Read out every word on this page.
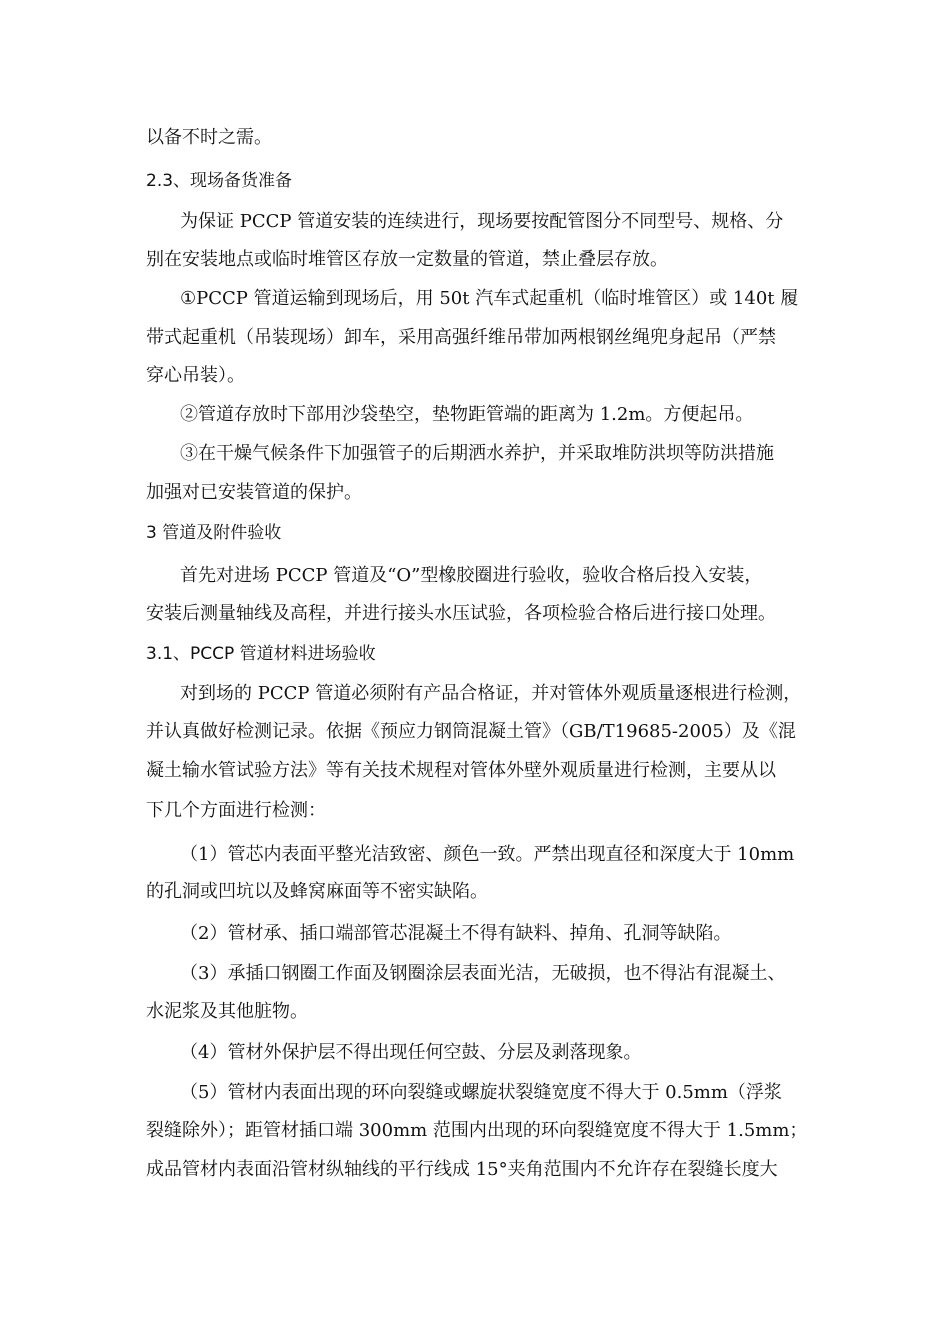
以备不时之需。
2.3、现场备货准备
为保证 PCCP 管道安装的连续进行，现场要按配管图分不同型号、规格、分
别在安装地点或临时堆管区存放一定数量的管道，禁止叠层存放。
①PCCP 管道运输到现场后，用 50t 汽车式起重机（临时堆管区）或 140t 履
带式起重机（吊装现场）卸车，采用高强纤维吊带加两根钢丝绳兜身起吊（严禁
穿心吊装）。
②管道存放时下部用沙袋垫空，垫物距管端的距离为 1.2m。方便起吊。
③在干燥气候条件下加强管子的后期洒水养护，并采取堆防洪坝等防洪措施
加强对已安装管道的保护。
3 管道及附件验收
首先对进场 PCCP 管道及“O”型橡胶圈进行验收，验收合格后投入安装，
安装后测量轴线及高程，并进行接头水压试验，各项检验合格后进行接口处理。
3.1、PCCP 管道材料进场验收
对到场的 PCCP 管道必须附有产品合格证，并对管体外观质量逐根进行检测，
并认真做好检测记录。依据《预应力钢筒混凝土管》（GB/T19685-2005）及《混
凝土输水管试验方法》等有关技术规程对管体外壁外观质量进行检测，主要从以
下几个方面进行检测：
（1）管芯内表面平整光洁致密、颜色一致。严禁出现直径和深度大于 10mm
的孔洞或凹坑以及蜂窝麻面等不密实缺陷。
（2）管材承、插口端部管芯混凝土不得有缺料、掉角、孔洞等缺陷。
（3）承插口钢圈工作面及钢圈涂层表面光洁，无破损，也不得沾有混凝土、
水泥浆及其他脏物。
（4）管材外保护层不得出现任何空鼓、分层及剥落现象。
（5）管材内表面出现的环向裂缝或螺旋状裂缝宽度不得大于 0.5mm（浮浆
裂缝除外）；距管材插口端 300mm 范围内出现的环向裂缝宽度不得大于 1.5mm；
成品管材内表面沿管材纵轴线的平行线成 15°夹角范围内不允许存在裂缝长度大
